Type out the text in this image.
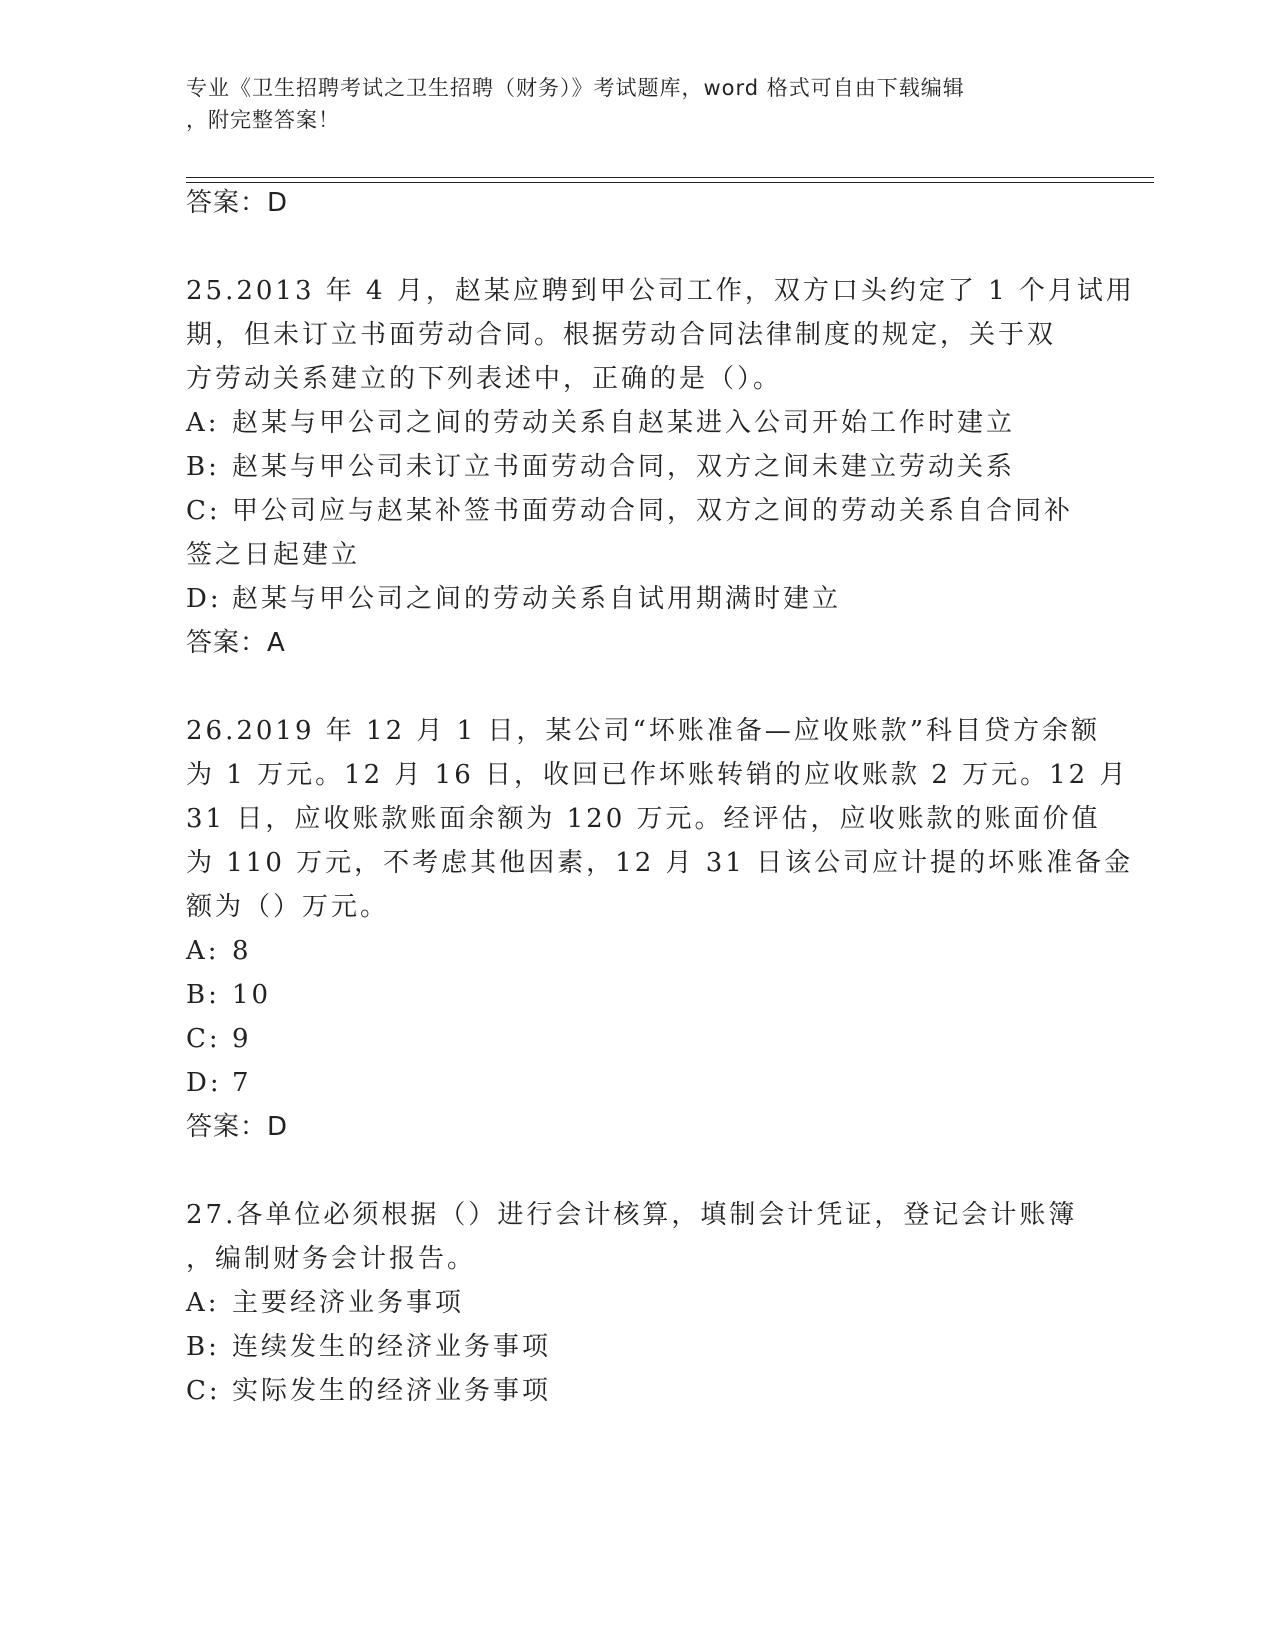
专业《卫生招聘考试之卫生招聘（财务）》考试题库，word 格式可自由下载编辑
，附完整答案！
答案：D
25.2013 年 4 月，赵某应聘到甲公司工作，双方口头约定了 1 个月试用
期，但未订立书面劳动合同。根据劳动合同法律制度的规定，关于双
方劳动关系建立的下列表述中，正确的是（）。
A: 赵某与甲公司之间的劳动关系自赵某进入公司开始工作时建立
B: 赵某与甲公司未订立书面劳动合同，双方之间未建立劳动关系
C: 甲公司应与赵某补签书面劳动合同，双方之间的劳动关系自合同补
签之日起建立
D: 赵某与甲公司之间的劳动关系自试用期满时建立
答案：A
26.2019 年 12 月 1 日，某公司“坏账准备—应收账款”科目贷方余额
为 1 万元。12 月 16 日，收回已作坏账转销的应收账款 2 万元。12 月
31 日，应收账款账面余额为 120 万元。经评估，应收账款的账面价值
为 110 万元，不考虑其他因素，12 月 31 日该公司应计提的坏账准备金
额为（）万元。
A: 8
B: 10
C: 9
D: 7
答案：D
27.各单位必须根据（）进行会计核算，填制会计凭证，登记会计账簿
，编制财务会计报告。
A: 主要经济业务事项
B: 连续发生的经济业务事项
C: 实际发生的经济业务事项
